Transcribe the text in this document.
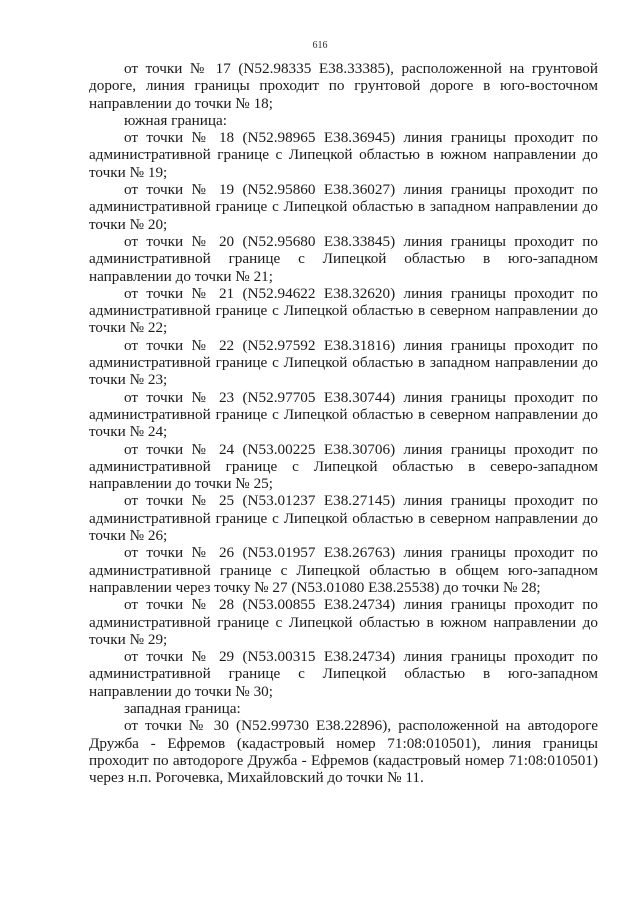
616

от точки № 17 (N52.98335 E38.33385), расположенной на грунтовой дороге, линия границы проходит по грунтовой дороге в юго-восточном направлении до точки № 18;

южная граница:

от точки № 18 (N52.98965 E38.36945) линия границы проходит по административной границе с Липецкой областью в южном направлении до точки № 19;

от точки № 19 (N52.95860 E38.36027) линия границы проходит по административной границе с Липецкой областью в западном направлении до точки № 20;

от точки № 20 (N52.95680 E38.33845) линия границы проходит по административной границе с Липецкой областью в юго-западном направлении до точки № 21;

от точки № 21 (N52.94622 E38.32620) линия границы проходит по административной границе с Липецкой областью в северном направлении до точки № 22;

от точки № 22 (N52.97592 E38.31816) линия границы проходит по административной границе с Липецкой областью в западном направлении до точки № 23;

от точки № 23 (N52.97705 E38.30744) линия границы проходит по административной границе с Липецкой областью в северном направлении до точки № 24;

от точки № 24 (N53.00225 E38.30706) линия границы проходит по административной границе с Липецкой областью в северо-западном направлении до точки № 25;

от точки № 25 (N53.01237 E38.27145) линия границы проходит по административной границе с Липецкой областью в северном направлении до точки № 26;

от точки № 26 (N53.01957 E38.26763) линия границы проходит по административной границе с Липецкой областью в общем юго-западном направлении через точку № 27 (N53.01080 E38.25538) до точки № 28;

от точки № 28 (N53.00855 E38.24734) линия границы проходит по административной границе с Липецкой областью в южном направлении до точки № 29;

от точки № 29 (N53.00315 E38.24734) линия границы проходит по административной границе с Липецкой областью в юго-западном направлении до точки № 30;

западная граница:

от точки № 30 (N52.99730 E38.22896), расположенной на автодороге Дружба - Ефремов (кадастровый номер 71:08:010501), линия границы проходит по автодороге Дружба - Ефремов (кадастровый номер 71:08:010501) через н.п. Рогочевка, Михайловский до точки № 11.
